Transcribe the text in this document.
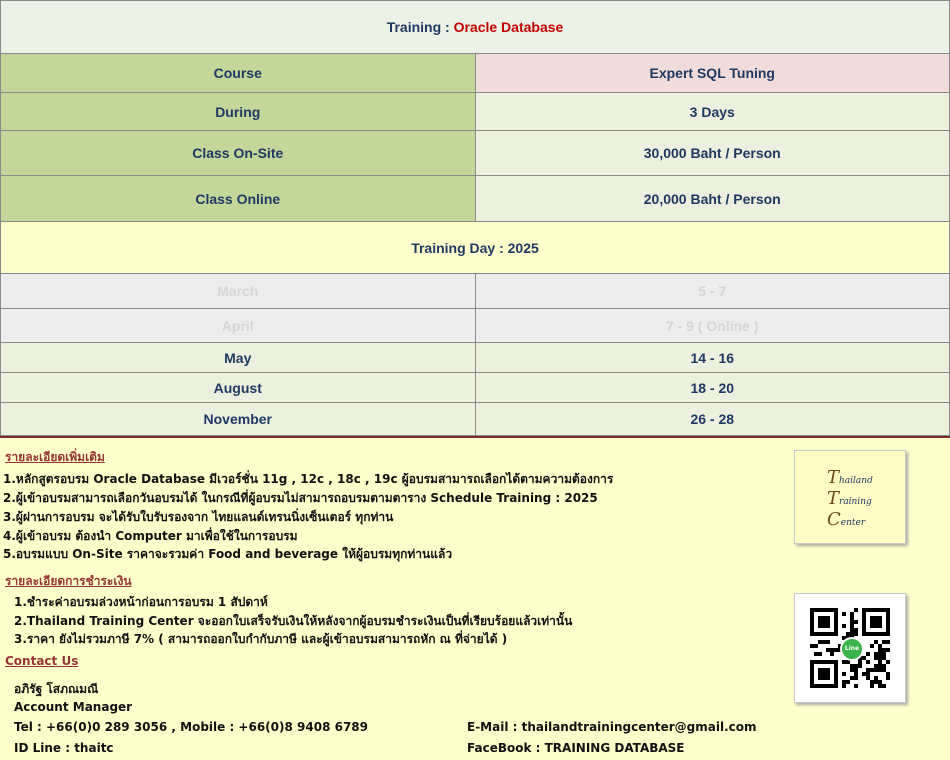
Training : Oracle Database	
Course	Expert SQL Tuning
During	3 Days
Class On-Site	30,000 Baht / Person
Class Online	20,000 Baht / Person
Training Day : 2025	
March	5 - 7
April	7 - 9 ( Online )
May	14 - 16
August	18 - 20
November	26 - 28
รายละเอียดเพิ่มเติม
1.หลักสูตรอบรม Oracle Database มีเวอร์ชั่น 11g , 12c , 18c , 19c ผู้อบรมสามารถเลือกได้ตามความต้องการ
2.ผู้เข้าอบรมสามารถเลือกวันอบรมได้ ในกรณีที่ผู้อบรมไม่สามารถอบรมตามตาราง Schedule Training : 2025
3.ผู้ผ่านการอบรม จะได้รับใบรับรองจาก ไทยแลนด์เทรนนิ่งเซ็นเตอร์ ทุกท่าน
4.ผู้เข้าอบรม ต้องนำ Computer มาเพื่อใช้ในการอบรม
5.อบรมแบบ On-Site ราคาจะรวมค่า Food and beverage ให้ผู้อบรมทุกท่านแล้ว
รายละเอียดการชำระเงิน
1.ชำระค่าอบรมล่วงหน้าก่อนการอบรม 1 สัปดาห์
2.Thailand Training Center จะออกใบเสร็จรับเงินให้หลังจากผู้อบรมชำระเงินเป็นที่เรียบร้อยแล้วเท่านั้น
3.ราคา ยังไม่รวมภาษี 7% ( สามารถออกใบกำกับภาษี และผู้เข้าอบรมสามารถหัก ณ ที่จ่ายได้ )
Contact Us
อภิรัฐ โสภณมณี
Account Manager
Tel : +66(0)0 289 3056 , Mobile : +66(0)8 9408 6789
ID Line : thaitc
E-Mail : thailandtrainingcenter@gmail.com
FaceBook : TRAINING DATABASE
Thailand
Training
Center
Line
